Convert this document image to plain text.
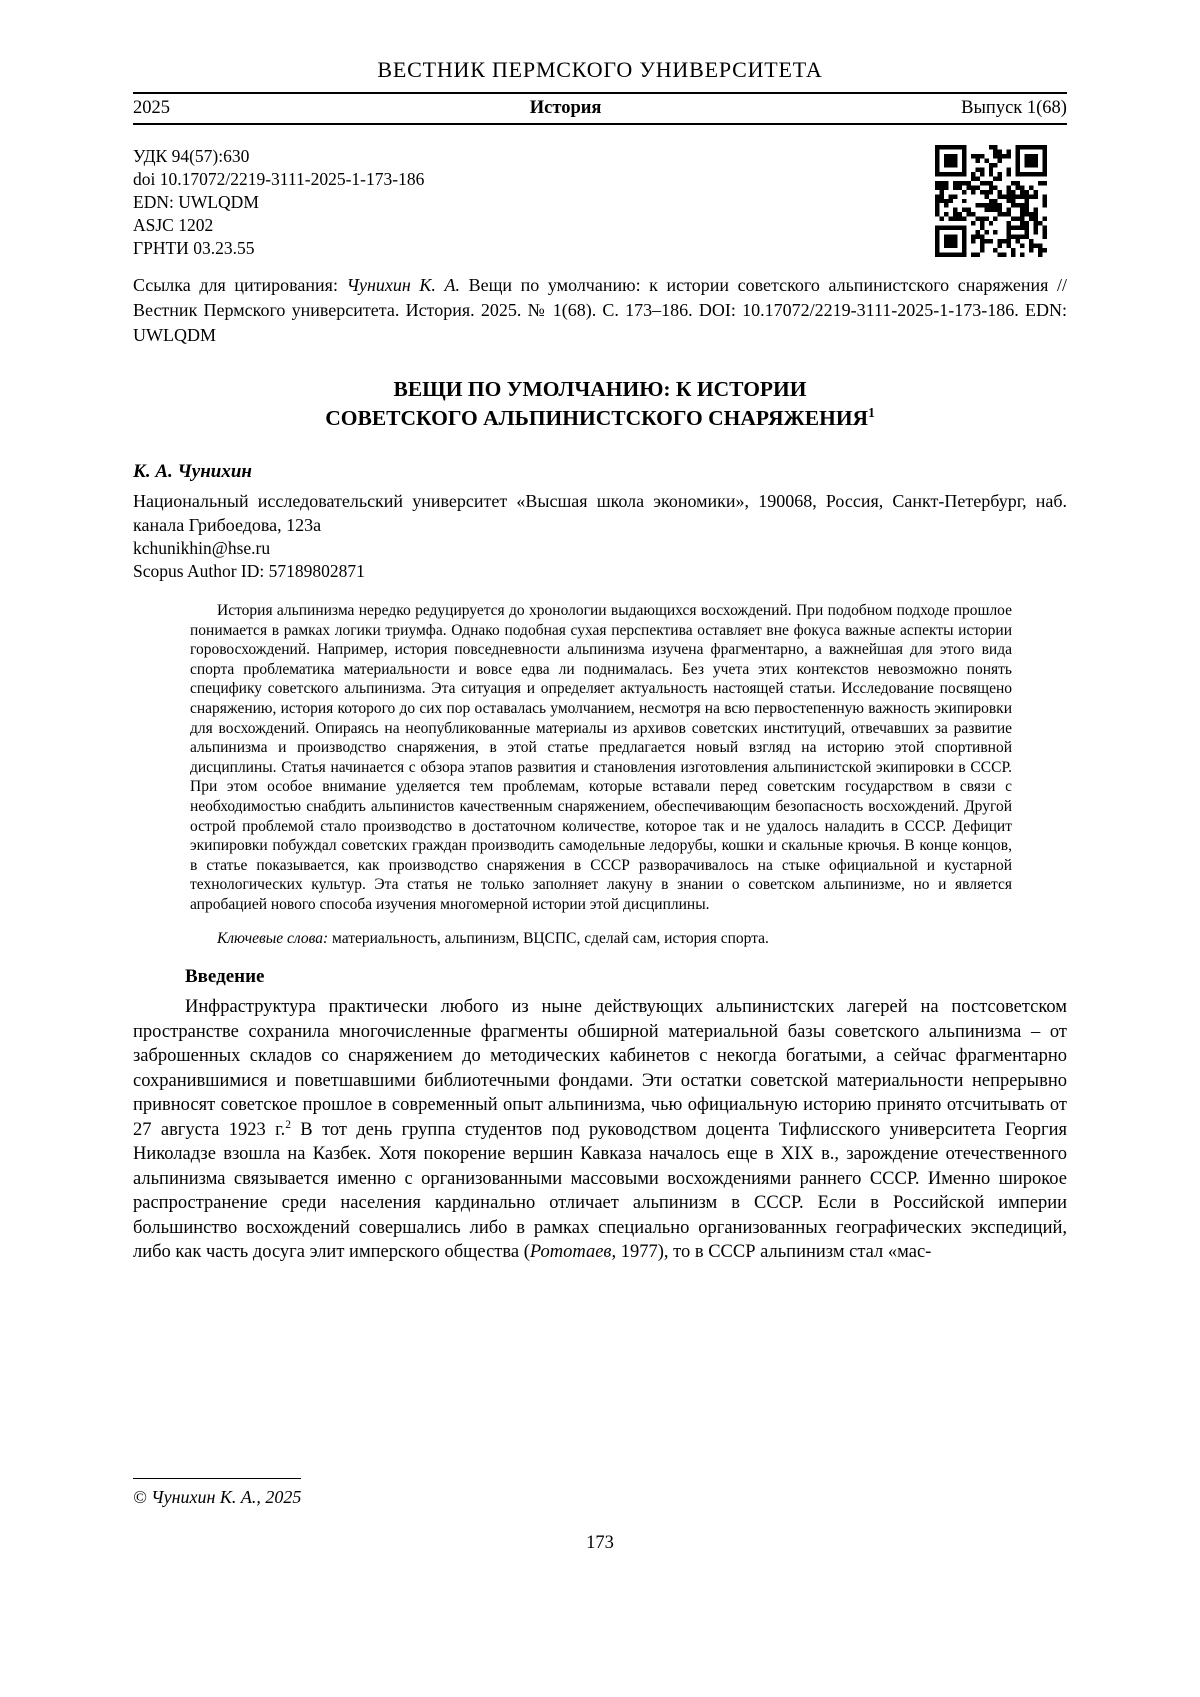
ВЕСТНИК ПЕРМСКОГО УНИВЕРСИТЕТА
2025	История	Выпуск 1(68)
УДК 94(57):630
doi 10.17072/2219-3111-2025-1-173-186
EDN: UWLQDM
ASJC 1202
ГРНТИ 03.23.55

Ссылка для цитирования: Чунихин К. А. Вещи по умолчанию: к истории советского альпинистского снаряжения // Вестник Пермского университета. История. 2025. № 1(68). С. 173–186. DOI: 10.17072/2219-3111-2025-1-173-186. EDN: UWLQDM

ВЕЩИ ПО УМОЛЧАНИЮ: К ИСТОРИИ
СОВЕТСКОГО АЛЬПИНИСТСКОГО СНАРЯЖЕНИЯ$^1$
К. А. Чунихин
Национальный исследовательский университет «Высшая школа экономики», 190068, Россия, Санкт-Петербург, наб. канала Грибоедова, 123а
kchunikhin@hse.ru
Scopus Author ID: 57189802871

История альпинизма нередко редуцируется до хронологии выдающихся восхождений. При подобном подходе прошлое понимается в рамках логики триумфа. Однако подобная сухая перспектива оставляет вне фокуса важные аспекты истории горовосхождений. Например, история повседневности альпинизма изучена фрагментарно, а важнейшая для этого вида спорта проблематика материальности и вовсе едва ли поднималась. Без учета этих контекстов невозможно понять специфику советского альпинизма. Эта ситуация и определяет актуальность настоящей статьи. Исследование посвящено снаряжению, история которого до сих пор оставалась умолчанием, несмотря на всю первостепенную важность экипировки для восхождений. Опираясь на неопубликованные материалы из архивов советских институций, отвечавших за развитие альпинизма и производство снаряжения, в этой статье предлагается новый взгляд на историю этой спортивной дисциплины. Статья начинается с обзора этапов развития и становления изготовления альпинистской экипировки в СССР. При этом особое внимание уделяется тем проблемам, которые вставали перед советским государством в связи с необходимостью снабдить альпинистов качественным снаряжением, обеспечивающим безопасность восхождений. Другой острой проблемой стало производство в достаточном количестве, которое так и не удалось наладить в СССР. Дефицит экипировки побуждал советских граждан производить самодельные ледорубы, кошки и скальные крючья. В конце концов, в статье показывается, как производство снаряжения в СССР разворачивалось на стыке официальной и кустарной технологических культур. Эта статья не только заполняет лакуну в знании о советском альпинизме, но и является апробацией нового способа изучения многомерной истории этой дисциплины.

Ключевые слова: материальность, альпинизм, ВЦСПС, сделай сам, история спорта.

Введение

Инфраструктура практически любого из ныне действующих альпинистских лагерей на постсоветском пространстве сохранила многочисленные фрагменты обширной материальной базы советского альпинизма – от заброшенных складов со снаряжением до методических кабинетов с некогда богатыми, а сейчас фрагментарно сохранившимися и поветшавшими библиотечными фондами. Эти остатки советской материальности непрерывно привносят советское прошлое в современный опыт альпинизма, чью официальную историю принято отсчитывать от 27 августа 1923 г.$^2$ В тот день группа студентов под руководством доцента Тифлисского университета Георгия Николадзе взошла на Казбек. Хотя покорение вершин Кавказа началось еще в XIX в., зарождение отечественного альпинизма связывается именно с организованными массовыми восхождениями раннего СССР. Именно широкое распространение среди населения кардинально отличает альпинизм в СССР. Если в Российской империи большинство восхождений совершались либо в рамках специально организованных географических экспедиций, либо как часть досуга элит имперского общества (Рототаев, 1977), то в СССР альпинизм стал «мас-

© Чунихин К. А., 2025
173
